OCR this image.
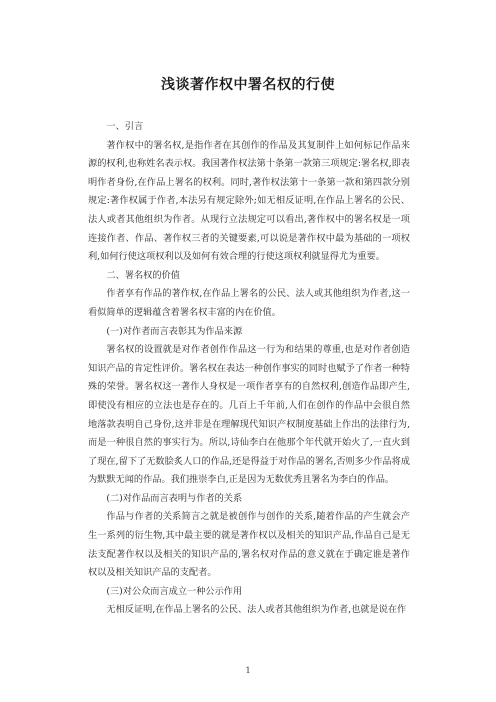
浅谈著作权中署名权的行使
一、引言

著作权中的署名权,是指作者在其创作的作品及其复制件上如何标记作品来源的权利,也称姓名表示权。我国著作权法第十条第一款第三项规定:署名权,即表明作者身份,在作品上署名的权利。同时,著作权法第十一条第一款和第四款分别规定:著作权属于作者,本法另有规定除外;如无相反证明,在作品上署名的公民、法人或者其他组织为作者。从现行立法规定可以看出,著作权中的署名权是一项连接作者、作品、著作权三者的关键要素,可以说是著作权中最为基础的一项权利,如何行使这项权利以及如何有效合理的行使这项权利就显得尤为重要。

二、署名权的价值

作者享有作品的著作权,在作品上署名的公民、法人或其他组织为作者,这一看似简单的逻辑蕴含着署名权丰富的内在价值。

(一)对作者而言表彰其为作品来源

署名权的设置就是对作者创作作品这一行为和结果的尊重,也是对作者创造知识产品的肯定性评价。署名权在表达一种创作事实的同时也赋予了作者一种特殊的荣誉。署名权这一著作人身权是一项作者享有的自然权利,创造作品即产生,即使没有相应的立法也是存在的。几百上千年前,人们在创作的作品中会很自然地落款表明自己身份,这并非是在理解现代知识产权制度基础上作出的法律行为,而是一种很自然的事实行为。所以,诗仙李白在他那个年代就开始火了,一直火到了现在,留下了无数脍炙人口的作品,还是得益于对作品的署名,否则多少作品将成为默默无闻的作品。我们推崇李白,正是因为无数优秀且署名为李白的作品。

(二)对作品而言表明与作者的关系

作品与作者的关系简言之就是被创作与创作的关系,随着作品的产生就会产生一系列的衍生物,其中最主要的就是著作权以及相关的知识产品,作品自己是无法支配著作权以及相关的知识产品的,署名权对作品的意义就在于确定谁是著作权以及相关知识产品的支配者。

(三)对公众而言成立一种公示作用

无相反证明,在作品上署名的公民、法人或者其他组织为作者,也就是说在作

1
